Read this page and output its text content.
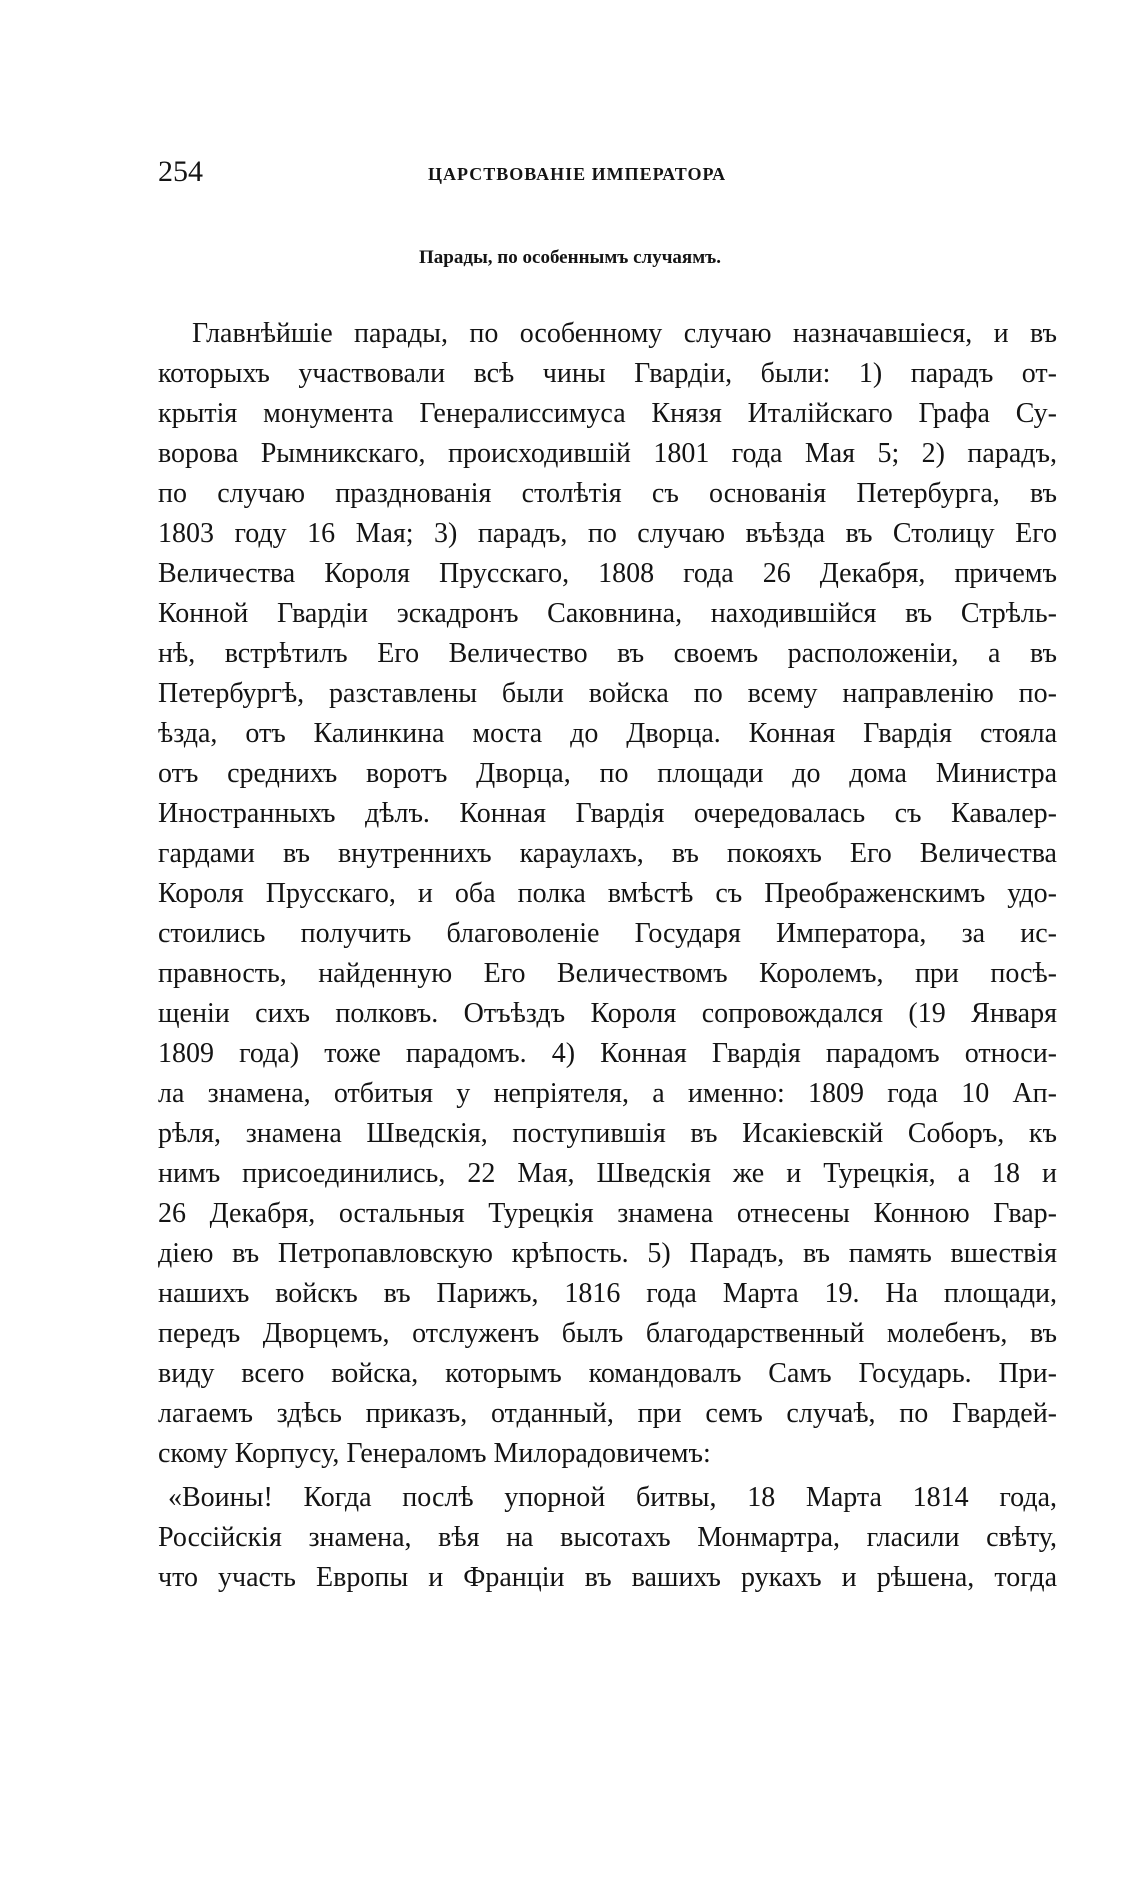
254	ЦАРСТВОВАНІЕ ИМПЕРАТОРА
Парады, по особеннымъ случаямъ.
Главнѣйшіе парады, по особенному случаю назначавшіеся, и въ
которыхъ участвовали всѣ чины Гвардіи, были: 1) парадъ от-
крытія монумента Генералиссимуса Князя Италійскаго Графа Су-
ворова Рымникскаго, происходившій 1801 года Мая 5; 2) парадъ,
по случаю празднованія столѣтія съ основанія Петербурга, въ
1803 году 16 Мая; 3) парадъ, по случаю въѣзда въ Столицу Его
Величества Короля Прусскаго, 1808 года 26 Декабря, причемъ
Конной Гвардіи эскадронъ Саковнина, находившійся въ Стрѣль-
нѣ, встрѣтилъ Его Величество въ своемъ расположеніи, а въ
Петербургѣ, разставлены были войска по всему направленію по-
ѣзда, отъ Калинкина моста до Дворца. Конная Гвардія стояла
отъ среднихъ воротъ Дворца, по площади до дома Министра
Иностранныхъ дѣлъ. Конная Гвардія очередовалась съ Кавалер-
гардами въ внутреннихъ караулахъ, въ покояхъ Его Величества
Короля Прусскаго, и оба полка вмѣстѣ съ Преображенскимъ удо-
стоились получить благоволеніе Государя Императора, за ис-
правность, найденную Его Величествомъ Королемъ, при посѣ-
щеніи сихъ полковъ. Отъѣздъ Короля сопровождался (19 Января
1809 года) тоже парадомъ. 4) Конная Гвардія парадомъ относи-
ла знамена, отбитыя у непріятеля, а именно: 1809 года 10 Ап-
рѣля, знамена Шведскія, поступившія въ Исакіевскій Соборъ, къ
нимъ присоединились, 22 Мая, Шведскія же и Турецкія, а 18 и
26 Декабря, остальныя Турецкія знамена отнесены Конною Гвар-
діею въ Петропавловскую крѣпость. 5) Парадъ, въ память вшествія
нашихъ войскъ въ Парижъ, 1816 года Марта 19. На площади,
передъ Дворцемъ, отслуженъ былъ благодарственный молебенъ, въ
виду всего войска, которымъ командовалъ Самъ Государь. При-
лагаемъ здѣсь приказъ, отданный, при семъ случаѣ, по Гвардей-
скому Корпусу, Генераломъ Милорадовичемъ:
«Воины! Когда послѣ упорной битвы, 18 Марта 1814 года,
Россійскія знамена, вѣя на высотахъ Монмартра, гласили свѣту,
что участь Европы и Франціи въ вашихъ рукахъ и рѣшена, тогда
